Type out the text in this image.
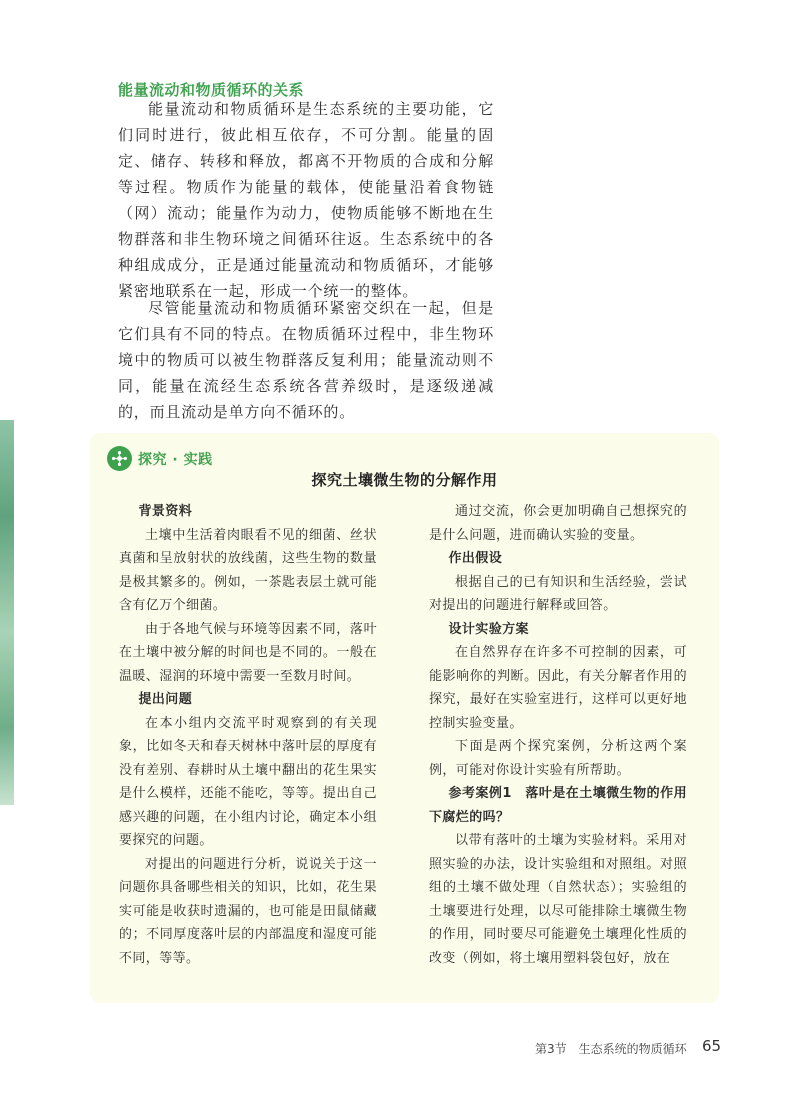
能量流动和物质循环的关系

能量流动和物质循环是生态系统的主要功能，它们同时进行，彼此相互依存，不可分割。能量的固定、储存、转移和释放，都离不开物质的合成和分解等过程。物质作为能量的载体，使能量沿着食物链（网）流动；能量作为动力，使物质能够不断地在生物群落和非生物环境之间循环往返。生态系统中的各种组成成分，正是通过能量流动和物质循环，才能够紧密地联系在一起，形成一个统一的整体。

尽管能量流动和物质循环紧密交织在一起，但是它们具有不同的特点。在物质循环过程中，非生物环境中的物质可以被生物群落反复利用；能量流动则不同，能量在流经生态系统各营养级时，是逐级递减的，而且流动是单方向不循环的。

探究 · 实践
探究土壤微生物的分解作用

背景资料

土壤中生活着肉眼看不见的细菌、丝状真菌和呈放射状的放线菌，这些生物的数量是极其繁多的。例如，一茶匙表层土就可能含有亿万个细菌。

由于各地气候与环境等因素不同，落叶在土壤中被分解的时间也是不同的。一般在温暖、湿润的环境中需要一至数月时间。

提出问题

在本小组内交流平时观察到的有关现象，比如冬天和春天树林中落叶层的厚度有没有差别、春耕时从土壤中翻出的花生果实是什么模样，还能不能吃，等等。提出自己感兴趣的问题，在小组内讨论，确定本小组要探究的问题。

对提出的问题进行分析，说说关于这一问题你具备哪些相关的知识，比如，花生果实可能是收获时遗漏的，也可能是田鼠储藏的；不同厚度落叶层的内部温度和湿度可能不同，等等。

通过交流，你会更加明确自己想探究的是什么问题，进而确认实验的变量。

作出假设

根据自己的已有知识和生活经验，尝试对提出的问题进行解释或回答。

设计实验方案

在自然界存在许多不可控制的因素，可能影响你的判断。因此，有关分解者作用的探究，最好在实验室进行，这样可以更好地控制实验变量。

下面是两个探究案例，分析这两个案例，可能对你设计实验有所帮助。

参考案例1　落叶是在土壤微生物的作用下腐烂的吗？

以带有落叶的土壤为实验材料。采用对照实验的办法，设计实验组和对照组。对照组的土壤不做处理（自然状态）；实验组的土壤要进行处理，以尽可能排除土壤微生物的作用，同时要尽可能避免土壤理化性质的改变（例如，将土壤用塑料袋包好，放在

第3节　生态系统的物质循环 65
